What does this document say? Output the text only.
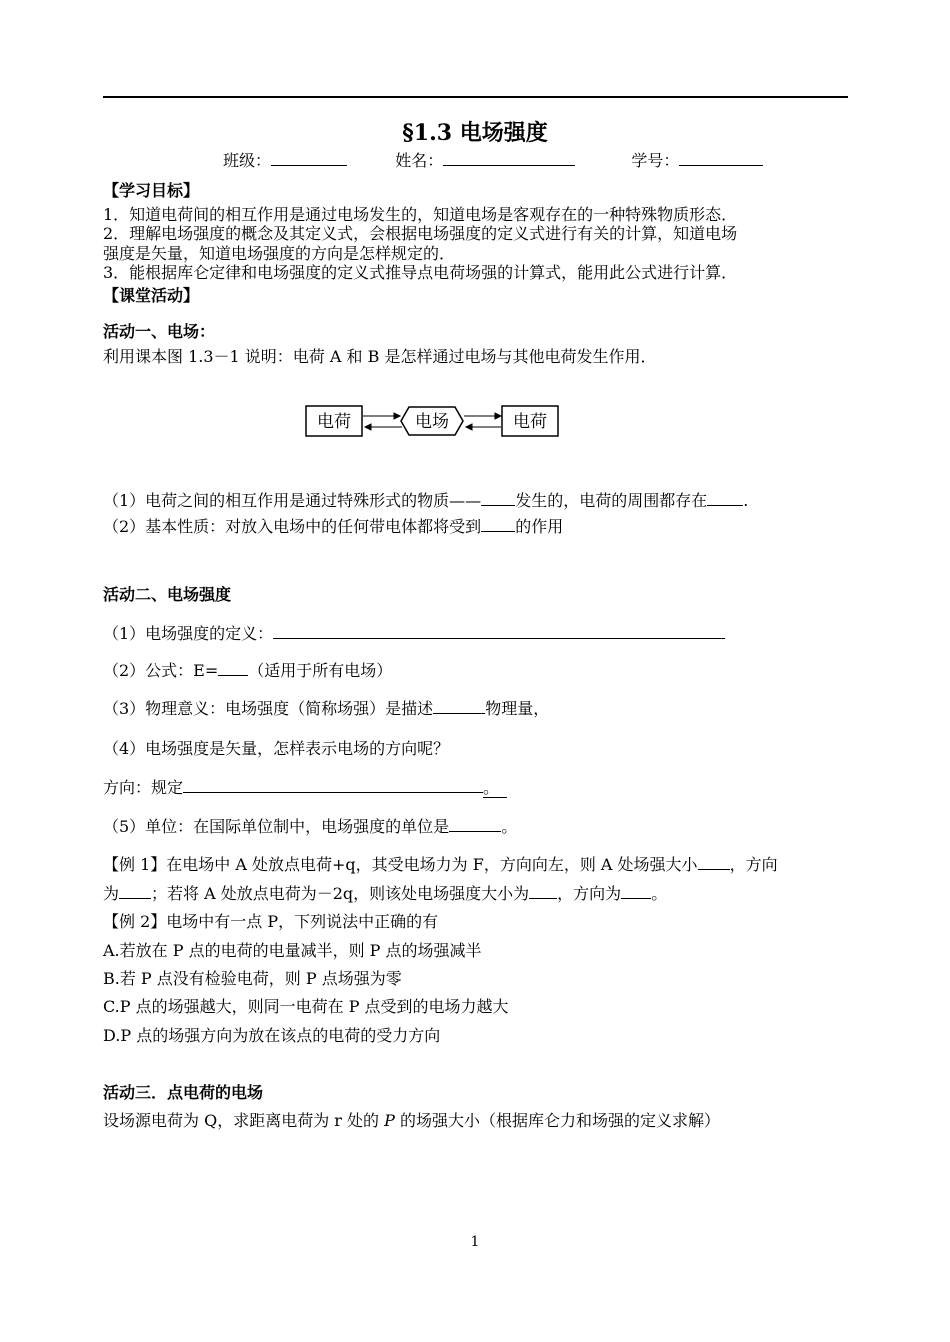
§1.3 电场强度
班级：	姓名：	学号：
【学习目标】
1．知道电荷间的相互作用是通过电场发生的，知道电场是客观存在的一种特殊物质形态．
2．理解电场强度的概念及其定义式，会根据电场强度的定义式进行有关的计算，知道电场
强度是矢量，知道电场强度的方向是怎样规定的．
3．能根据库仑定律和电场强度的定义式推导点电荷场强的计算式，能用此公式进行计算．
【课堂活动】
活动一、电场：
利用课本图 1.3－1 说明：电荷 A 和 B 是怎样通过电场与其他电荷发生作用．
电荷	电场	电荷
（1）电荷之间的相互作用是通过特殊形式的物质—— 发生的，电荷的周围都存在 .
（2）基本性质：对放入电场中的任何带电体都将受到 的作用
活动二、电场强度
（1）电场强度的定义：
（2）公式：E= （适用于所有电场）
（3）物理意义：电场强度（简称场强）是描述	物理量，
（4）电场强度是矢量，怎样表示电场的方向呢？
方向：规定	。
（5）单位：在国际单位制中，电场强度的单位是	。
【例 1】在电场中 A 处放点电荷+q，其受电场力为 F，方向向左，则 A 处场强大小 ，方向
为 ；若将 A 处放点电荷为－2q，则该处电场强度大小为 ，方向为 。
【例 2】电场中有一点 P，下列说法中正确的有
A.若放在 P 点的电荷的电量减半，则 P 点的场强减半
B.若 P 点没有检验电荷，则 P 点场强为零
C.P 点的场强越大，则同一电荷在 P 点受到的电场力越大
D.P 点的场强方向为放在该点的电荷的受力方向
活动三．点电荷的电场
设场源电荷为 Q，求距离电荷为 r 处的 P 的场强大小（根据库仑力和场强的定义求解）
1
